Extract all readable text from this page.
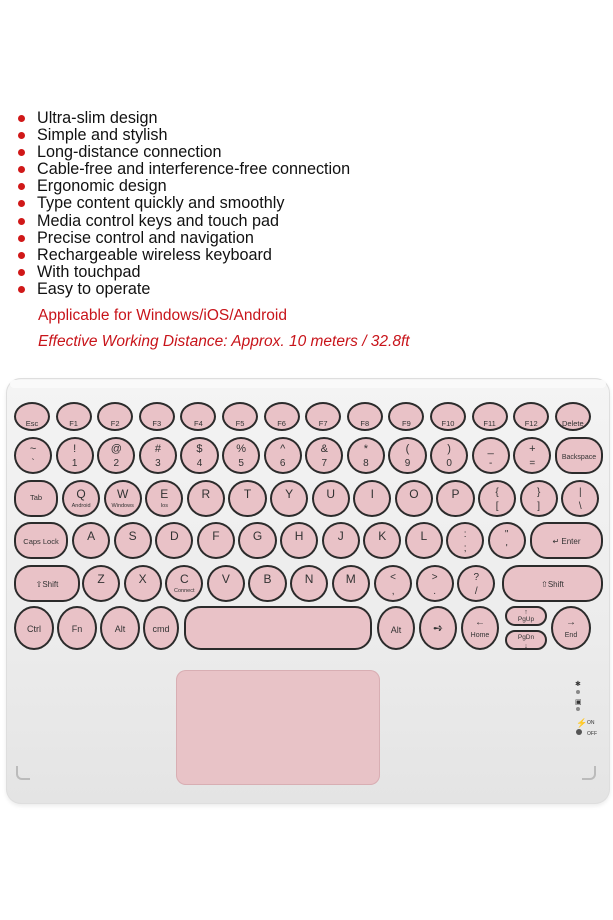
Ultra-slim design
Simple and stylish
Long-distance connection
Cable-free and interference-free connection
Ergonomic design
Type content quickly and smoothly
Media control keys and touch pad
Precise control and navigation
Rechargeable wireless keyboard
With touchpad
Easy to operate
Applicable for Windows/iOS/Android
Effective Working Distance: Approx. 10 meters / 32.8ft
Esc	F1	F2	F3	F4	F5	F6	F7	F8	F9	F10	F11	F12	Delete
~
`
!
1
@
2
#
3
$
4
%
5
^
6
&
7
*
8
(
9
)
0
_
-
+
=
Backspace
Tab	Q
Android
W
Windows
E
Ios
R	T	Y	U	I	O	P	{
[
}
]
|
\
Caps Lock	A	S	D	F	G	H	J	K	L	:
;
"
'
↵ Enter
⇧Shift	Z	X	C
Connect
V	B	N	M	<
,
>
.
?
/
⇧Shift
Ctrl	Fn	Alt	cmd	Alt	➺	←
Home
↑
PgUp
PgDn
↓
→
End
✱
▣
⚡ ON
OFF
